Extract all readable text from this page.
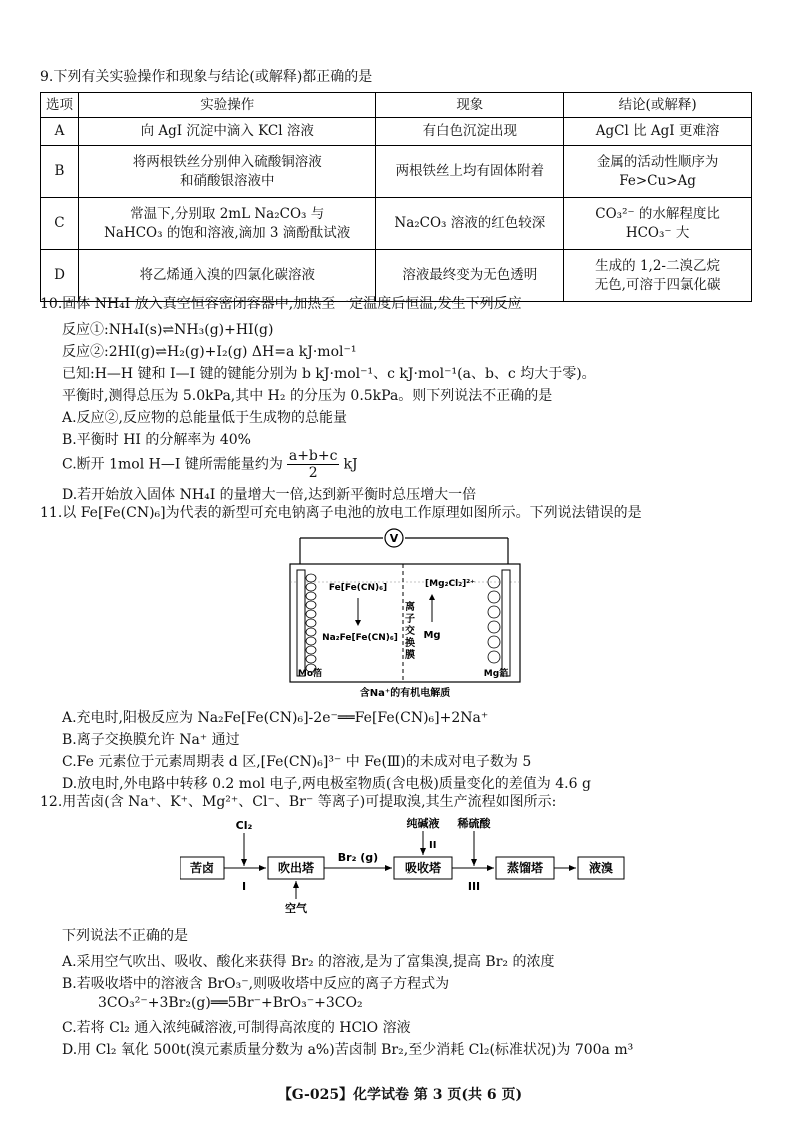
9.下列有关实验操作和现象与结论(或解释)都正确的是
选项	实验操作	现象	结论(或解释)
A	向 AgI 沉淀中滴入 KCl 溶液	有白色沉淀出现	AgCl 比 AgI 更难溶
B	将两根铁丝分别伸入硫酸铜溶液
和硝酸银溶液中	两根铁丝上均有固体附着	金属的活动性顺序为
Fe>Cu>Ag
C	常温下,分别取 2mL Na₂CO₃ 与
NaHCO₃ 的饱和溶液,滴加 3 滴酚酞试液	Na₂CO₃ 溶液的红色较深	CO₃²⁻ 的水解程度比
HCO₃⁻ 大
D	将乙烯通入溴的四氯化碳溶液	溶液最终变为无色透明	生成的 1,2-二溴乙烷
无色,可溶于四氯化碳
10.固体 NH₄I 放入真空恒容密闭容器中,加热至一定温度后恒温,发生下列反应
反应①:NH₄I(s)⇌NH₃(g)+HI(g)
反应②:2HI(g)⇌H₂(g)+I₂(g) ΔH=a kJ·mol⁻¹
已知:H—H 键和 I—I 键的键能分别为 b kJ·mol⁻¹、c kJ·mol⁻¹(a、b、c 均大于零)。
平衡时,测得总压为 5.0kPa,其中 H₂ 的分压为 0.5kPa。则下列说法不正确的是
A.反应②,反应物的总能量低于生成物的总能量
B.平衡时 HI 的分解率为 40%
C.断开 1mol H—I 键所需能量约为 $\frac{a+b+c}{2}$ kJ
D.若开始放入固体 NH₄I 的量增大一倍,达到新平衡时总压增大一倍
11.以 Fe[Fe(CN)₆]为代表的新型可充电钠离子电池的放电工作原理如图所示。下列说法错误的是
V
离
子
交
换
膜
Fe[Fe(CN)₆]
Na₂Fe[Fe(CN)₆]
[Mg₂Cl₂]²⁺
Mg
Mo箔	Mg箔
含Na⁺的有机电解质
A.充电时,阳极反应为 Na₂Fe[Fe(CN)₆]-2e⁻══Fe[Fe(CN)₆]+2Na⁺
B.离子交换膜允许 Na⁺ 通过
C.Fe 元素位于元素周期表 d 区,[Fe(CN)₆]³⁻ 中 Fe(Ⅲ)的未成对电子数为 5
D.放电时,外电路中转移 0.2 mol 电子,两电极室物质(含电极)质量变化的差值为 4.6 g
12.用苦卤(含 Na⁺、K⁺、Mg²⁺、Cl⁻、Br⁻ 等离子)可提取溴,其生产流程如图所示:
苦卤	吹出塔	吸收塔	蒸馏塔	液溴
Cl₂
I
空气
Br₂ (g)
纯碱液
II
稀硫酸
III
下列说法不正确的是
A.采用空气吹出、吸收、酸化来获得 Br₂ 的溶液,是为了富集溴,提高 Br₂ 的浓度
B.若吸收塔中的溶液含 BrO₃⁻,则吸收塔中反应的离子方程式为
3CO₃²⁻+3Br₂(g)══5Br⁻+BrO₃⁻+3CO₂
C.若将 Cl₂ 通入浓纯碱溶液,可制得高浓度的 HClO 溶液
D.用 Cl₂ 氧化 500t(溴元素质量分数为 a%)苦卤制 Br₂,至少消耗 Cl₂(标准状况)为 700a m³
【G-025】化学试卷 第 3 页(共 6 页)
